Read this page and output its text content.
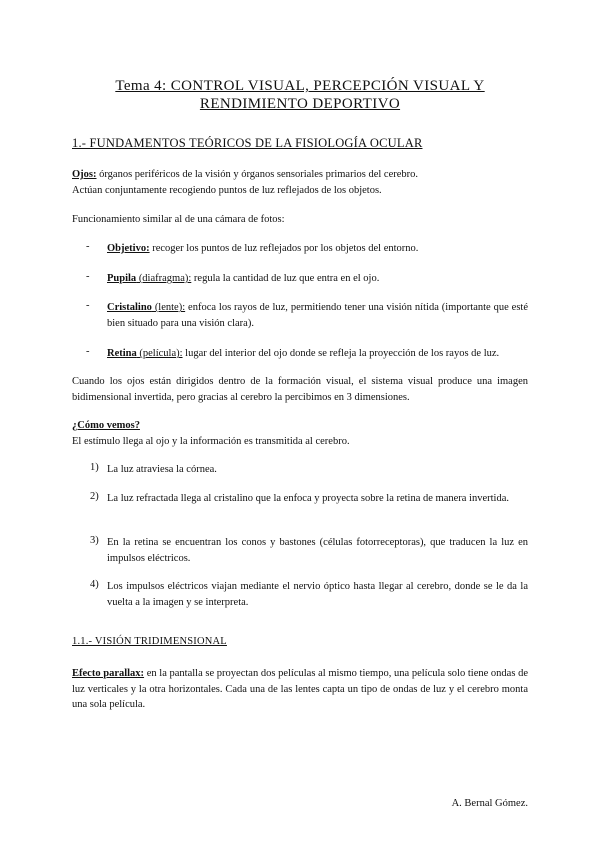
Tema 4: CONTROL VISUAL, PERCEPCIÓN VISUAL Y
RENDIMIENTO DEPORTIVO
1.- FUNDAMENTOS TEÓRICOS DE LA FISIOLOGÍA OCULAR
Ojos: órganos periféricos de la visión y órganos sensoriales primarios del cerebro.
Actúan conjuntamente recogiendo puntos de luz reflejados de los objetos.
Funcionamiento similar al de una cámara de fotos:
- Objetivo: recoger los puntos de luz reflejados por los objetos del entorno.
- Pupila (diafragma): regula la cantidad de luz que entra en el ojo.
- Cristalino (lente): enfoca los rayos de luz, permitiendo tener una visión nítida (importante que esté bien situado para una visión clara).
- Retina (película): lugar del interior del ojo donde se refleja la proyección de los rayos de luz.
Cuando los ojos están dirigidos dentro de la formación visual, el sistema visual produce una imagen bidimensional invertida, pero gracias al cerebro la percibimos en 3 dimensiones.
¿Cómo vemos?
El estímulo llega al ojo y la información es transmitida al cerebro.
1) La luz atraviesa la córnea.
2) La luz refractada llega al cristalino que la enfoca y proyecta sobre la retina de manera invertida.
3) En la retina se encuentran los conos y bastones (células fotorreceptoras), que traducen la luz en impulsos eléctricos.
4) Los impulsos eléctricos viajan mediante el nervio óptico hasta llegar al cerebro, donde se le da la vuelta a la imagen y se interpreta.
1.1.- VISIÓN TRIDIMENSIONAL
Efecto parallax: en la pantalla se proyectan dos películas al mismo tiempo, una película solo tiene ondas de luz verticales y la otra horizontales. Cada una de las lentes capta un tipo de ondas de luz y el cerebro monta una sola película.
A. Bernal Gómez.
